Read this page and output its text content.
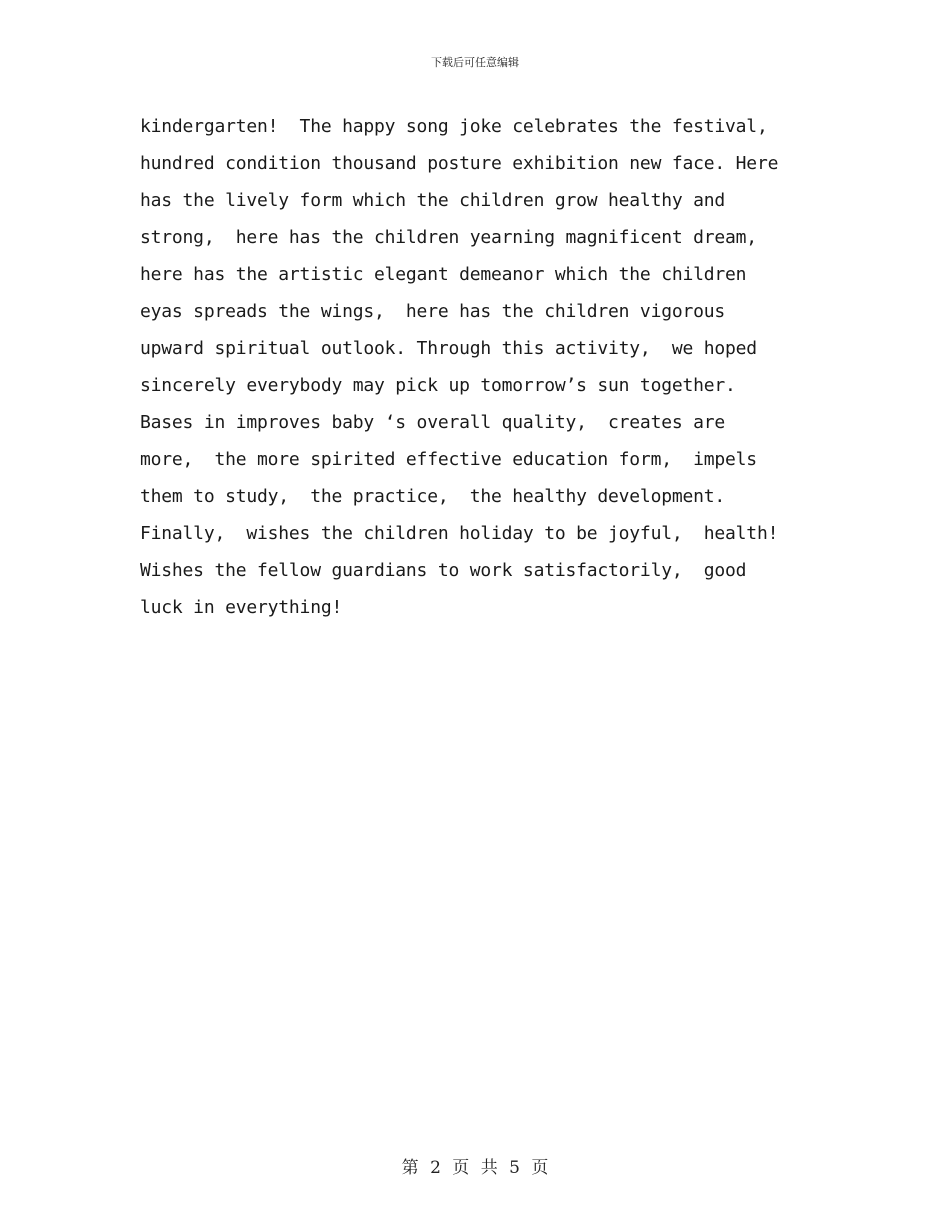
下载后可任意编辑
kindergarten!  The happy song joke celebrates the festival,
hundred condition thousand posture exhibition new face. Here
has the lively form which the children grow healthy and
strong,  here has the children yearning magnificent dream,
here has the artistic elegant demeanor which the children
eyas spreads the wings,  here has the children vigorous
upward spiritual outlook. Through this activity,  we hoped
sincerely everybody may pick up tomorrow’s sun together.
Bases in improves baby ‘s overall quality,  creates are
more,  the more spirited effective education form,  impels
them to study,  the practice,  the healthy development.
Finally,  wishes the children holiday to be joyful,  health!
Wishes the fellow guardians to work satisfactorily,  good
luck in everything!
第 2 页 共 5 页
